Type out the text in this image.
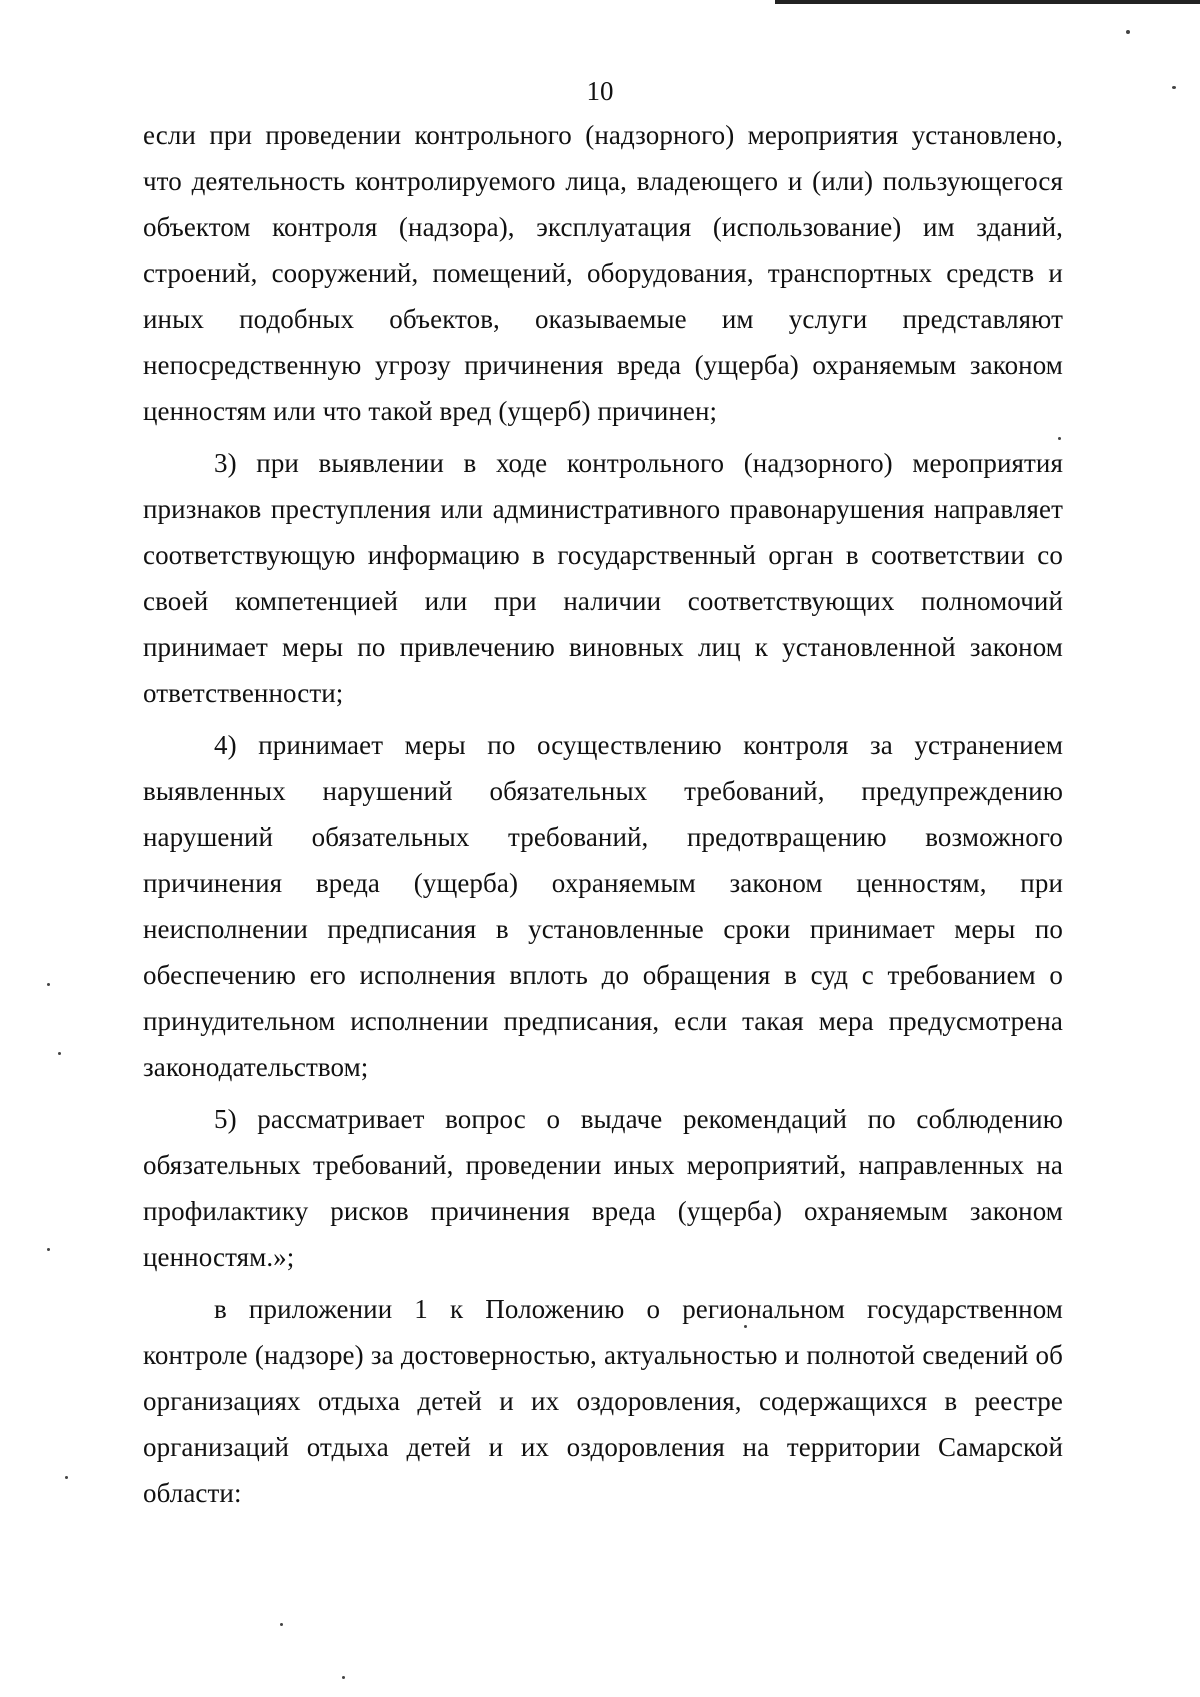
10

если при проведении контрольного (надзорного) мероприятия установлено, что деятельность контролируемого лица, владеющего и (или) пользующегося объектом контроля (надзора), эксплуатация (использование) им зданий, строений, сооружений, помещений, оборудования, транспортных средств и иных подобных объектов, оказываемые им услуги представляют непосредственную угрозу причинения вреда (ущерба) охраняемым законом ценностям или что такой вред (ущерб) причинен;

3) при выявлении в ходе контрольного (надзорного) мероприятия признаков преступления или административного правонарушения направляет соответствующую информацию в государственный орган в соответствии со своей компетенцией или при наличии соответствующих полномочий принимает меры по привлечению виновных лиц к установленной законом ответственности;

4) принимает меры по осуществлению контроля за устранением выявленных нарушений обязательных требований, предупреждению нарушений обязательных требований, предотвращению возможного причинения вреда (ущерба) охраняемым законом ценностям, при неисполнении предписания в установленные сроки принимает меры по обеспечению его исполнения вплоть до обращения в суд с требованием о принудительном исполнении предписания, если такая мера предусмотрена законодательством;

5) рассматривает вопрос о выдаче рекомендаций по соблюдению обязательных требований, проведении иных мероприятий, направленных на профилактику рисков причинения вреда (ущерба) охраняемым законом ценностям.»;

в приложении 1 к Положению о региональном государственном контроле (надзоре) за достоверностью, актуальностью и полнотой сведений об организациях отдыха детей и их оздоровления, содержащихся в реестре организаций отдыха детей и их оздоровления на территории Самарской области:
